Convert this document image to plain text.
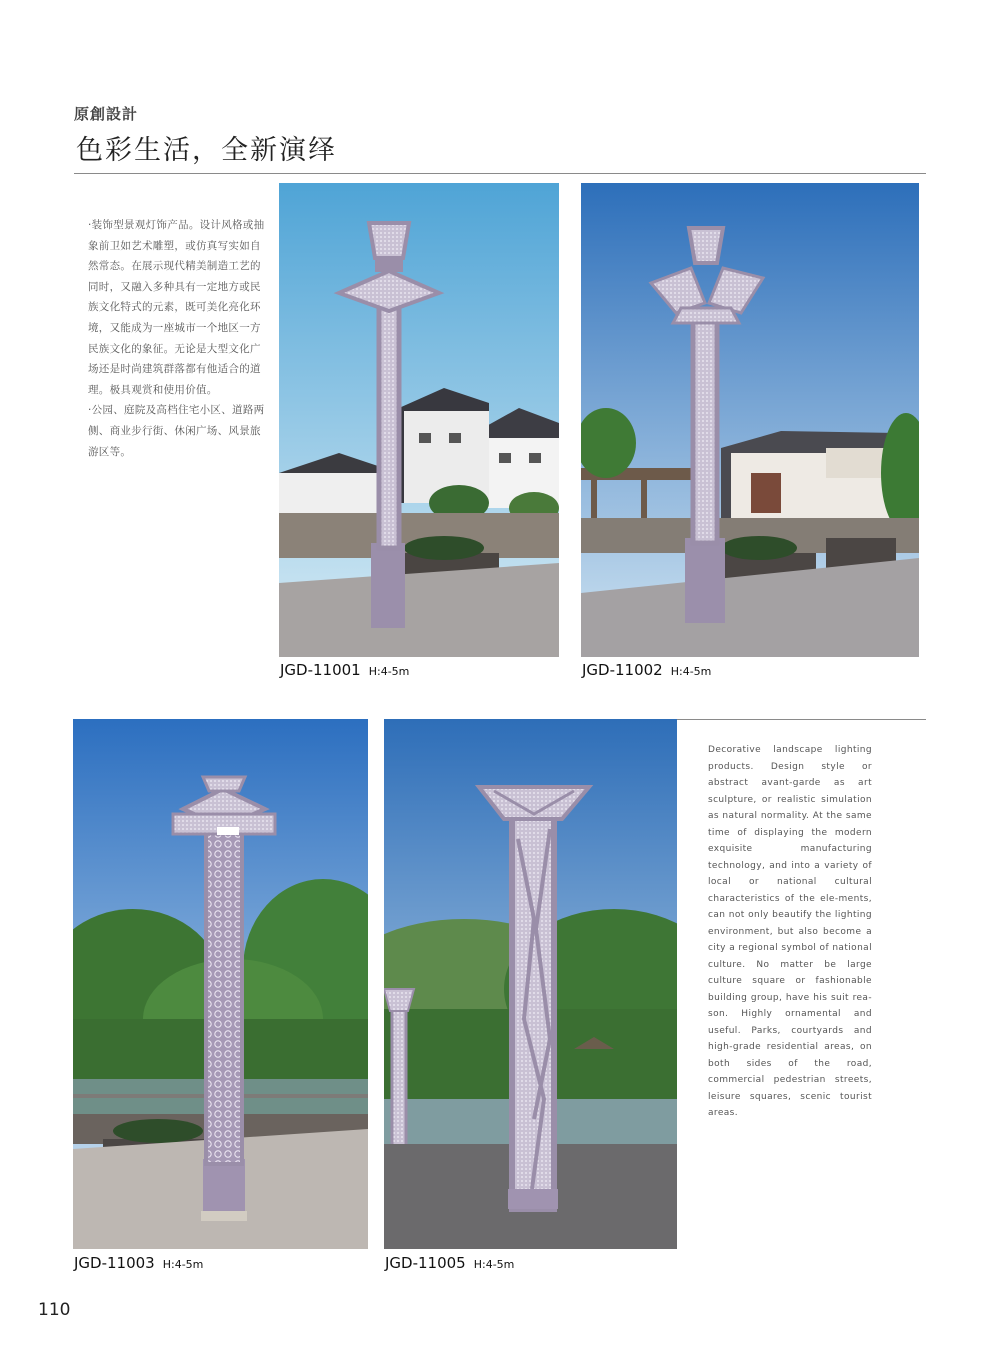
原創設計
色彩生活，全新演绎

·装饰型景观灯饰产品。设计风格或抽象前卫如艺术雕塑，或仿真写实如自然常态。在展示现代精美制造工艺的同时，又融入多种具有一定地方或民族文化特式的元素，既可美化亮化环境，又能成为一座城市一个地区一方民族文化的象征。无论是大型文化广场还是时尚建筑群落都有他适合的道理。极具观赏和使用价值。

·公园、庭院及高档住宅小区、道路两侧、商业步行街、休闲广场、风景旅游区等。

JGD-11001 H:4-5m	JGD-11002 H:4-5m
JGD-11003 H:4-5m	JGD-11005 H:4-5m
Decorative landscape lighting products. Design style or abstract avant-garde as art sculpture, or realistic simulation as natural normality. At the same time of displaying the modern exquisite manufacturing technology, and into a variety of local or national cultural characteristics of the ele-ments, can not only beautify the lighting environment, but also become a city a regional symbol of national culture. No matter be large culture square or fashionable building group, have his suit rea-son. Highly ornamental and useful. Parks, courtyards and high-grade residential areas, on both sides of the road, commercial pedestrian streets, leisure squares, scenic tourist areas.
110
